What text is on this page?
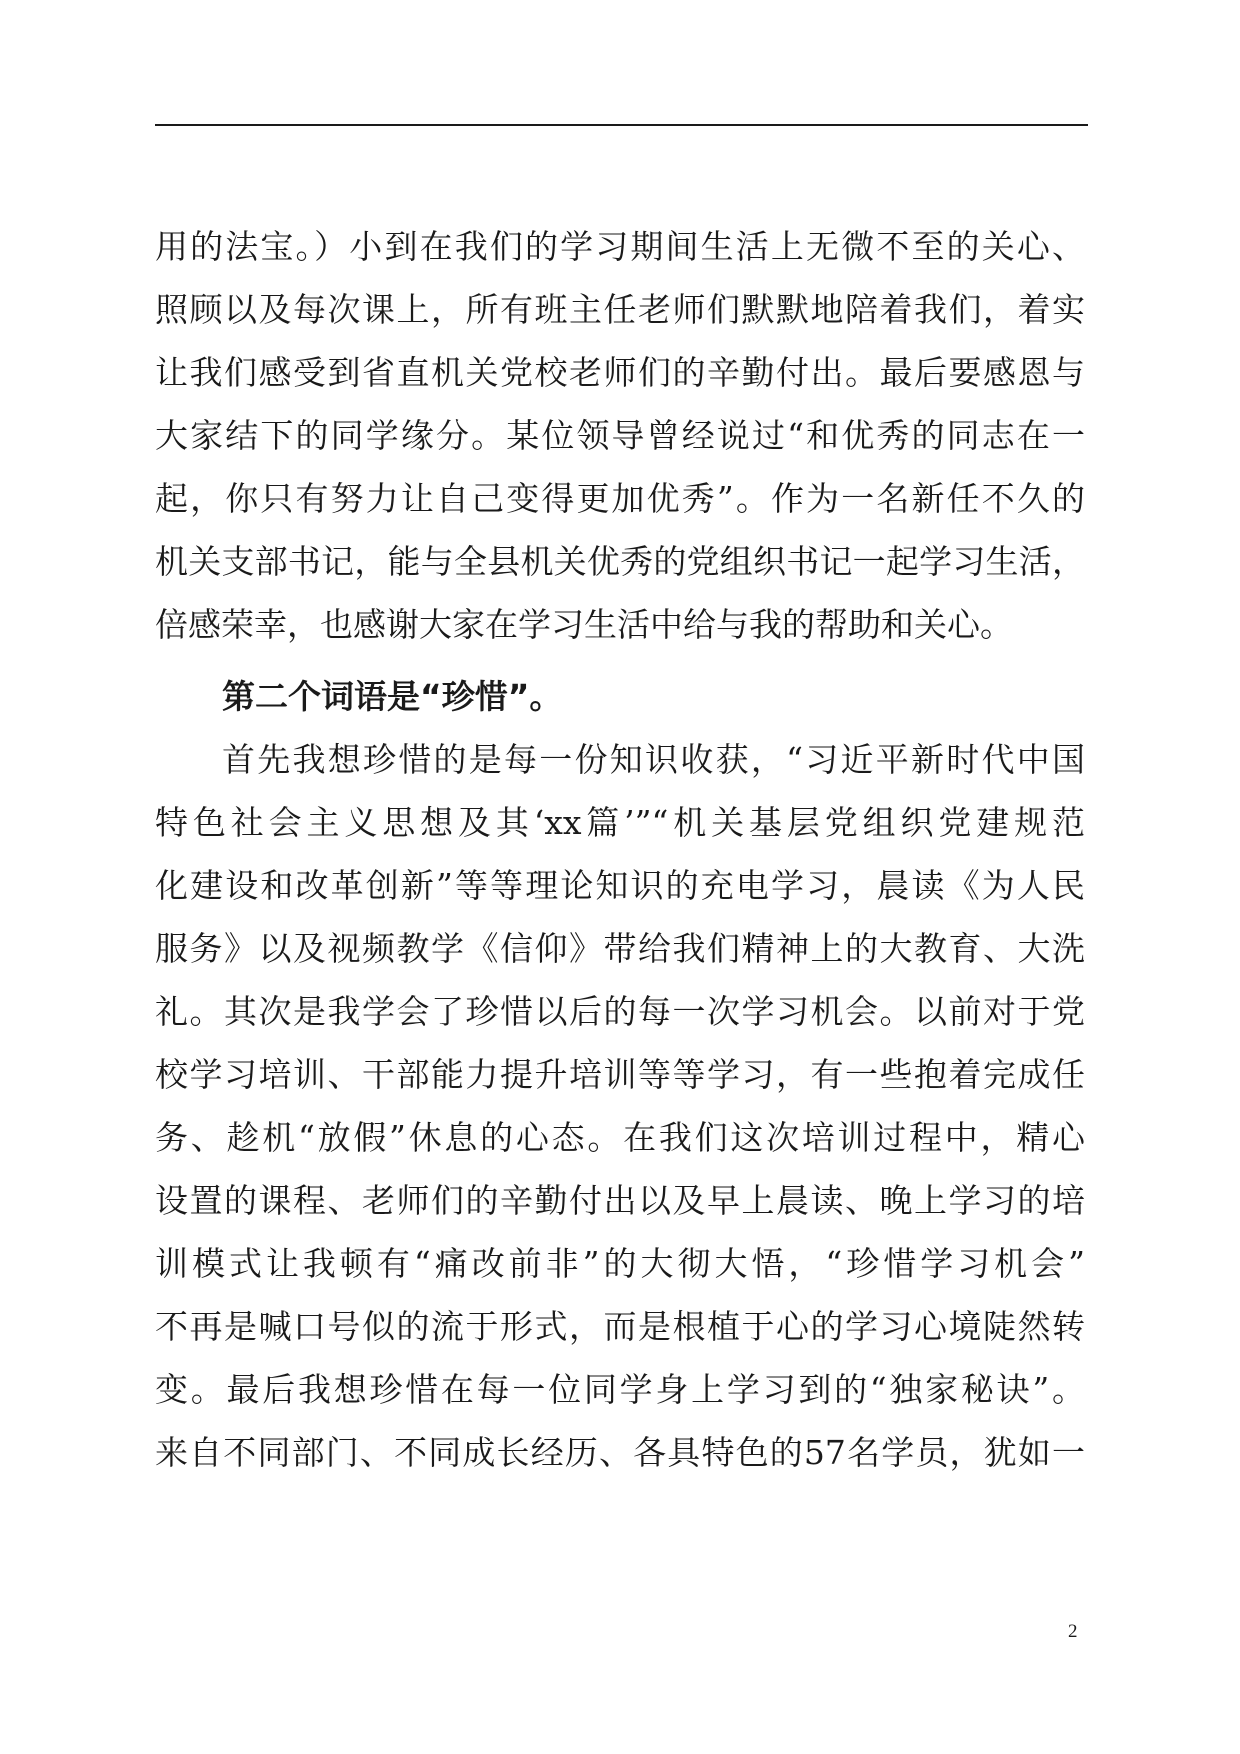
用的法宝。）小到在我们的学习期间生活上无微不至的关心、
照顾以及每次课上，所有班主任老师们默默地陪着我们，着实
让我们感受到省直机关党校老师们的辛勤付出。最后要感恩与
大家结下的同学缘分。某位领导曾经说过“和优秀的同志在一
起，你只有努力让自己变得更加优秀”。作为一名新任不久的
机关支部书记，能与全县机关优秀的党组织书记一起学习生活，
倍感荣幸，也感谢大家在学习生活中给与我的帮助和关心。
第二个词语是“珍惜”。
首先我想珍惜的是每一份知识收获，“习近平新时代中国
特色社会主义思想及其‘xx篇’”“机关基层党组织党建规范
化建设和改革创新”等等理论知识的充电学习，晨读《为人民
服务》以及视频教学《信仰》带给我们精神上的大教育、大洗
礼。其次是我学会了珍惜以后的每一次学习机会。以前对于党
校学习培训、干部能力提升培训等等学习，有一些抱着完成任
务、趁机“放假”休息的心态。在我们这次培训过程中，精心
设置的课程、老师们的辛勤付出以及早上晨读、晚上学习的培
训模式让我顿有“痛改前非”的大彻大悟，“珍惜学习机会”
不再是喊口号似的流于形式，而是根植于心的学习心境陡然转
变。最后我想珍惜在每一位同学身上学习到的“独家秘诀”。
来自不同部门、不同成长经历、各具特色的57名学员，犹如一
2
